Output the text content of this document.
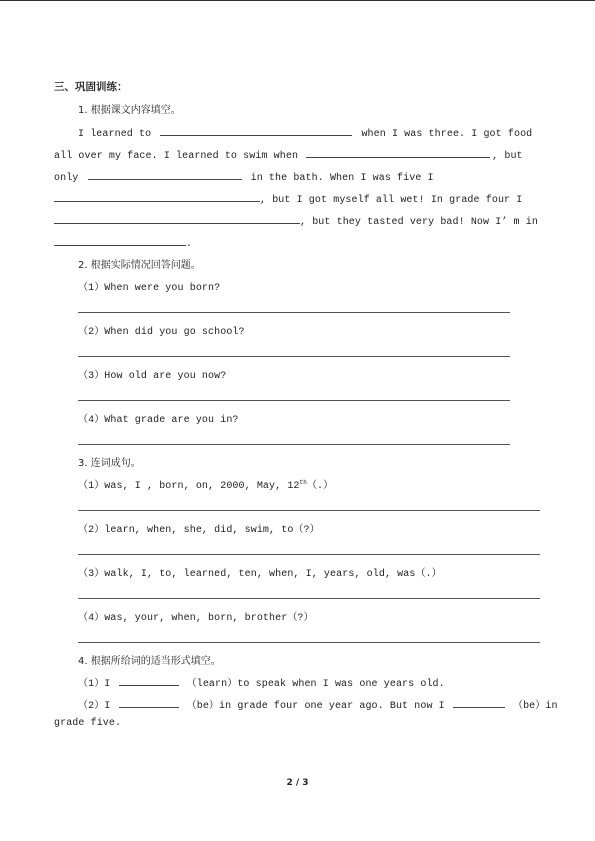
三、巩固训练：
1. 根据课文内容填空。
I learned to	when I was three. I got food
all over my face. I learned to swim when	, but
only	in the bath. When I was five I
, but I got myself all wet! In grade four I
, but they tasted very bad! Now I’ m in
.
2. 根据实际情况回答问题。
（1）When were you born?
（2）When did you go school?
（3）How old are you now?
（4）What grade are you in?
3. 连词成句。
（1）was, I , born, on, 2000, May, 12th（.）
（2）learn, when, she, did, swim, to（?）
（3）walk, I, to, learned, ten, when, I, years, old, was（.）
（4）was, your, when, born, brother（?）
4. 根据所给词的适当形式填空。
（1）I	（learn）to speak when I was one years old.
（2）I	（be）in grade four one year ago. But now I	（be）in
grade five.
2 / 3
